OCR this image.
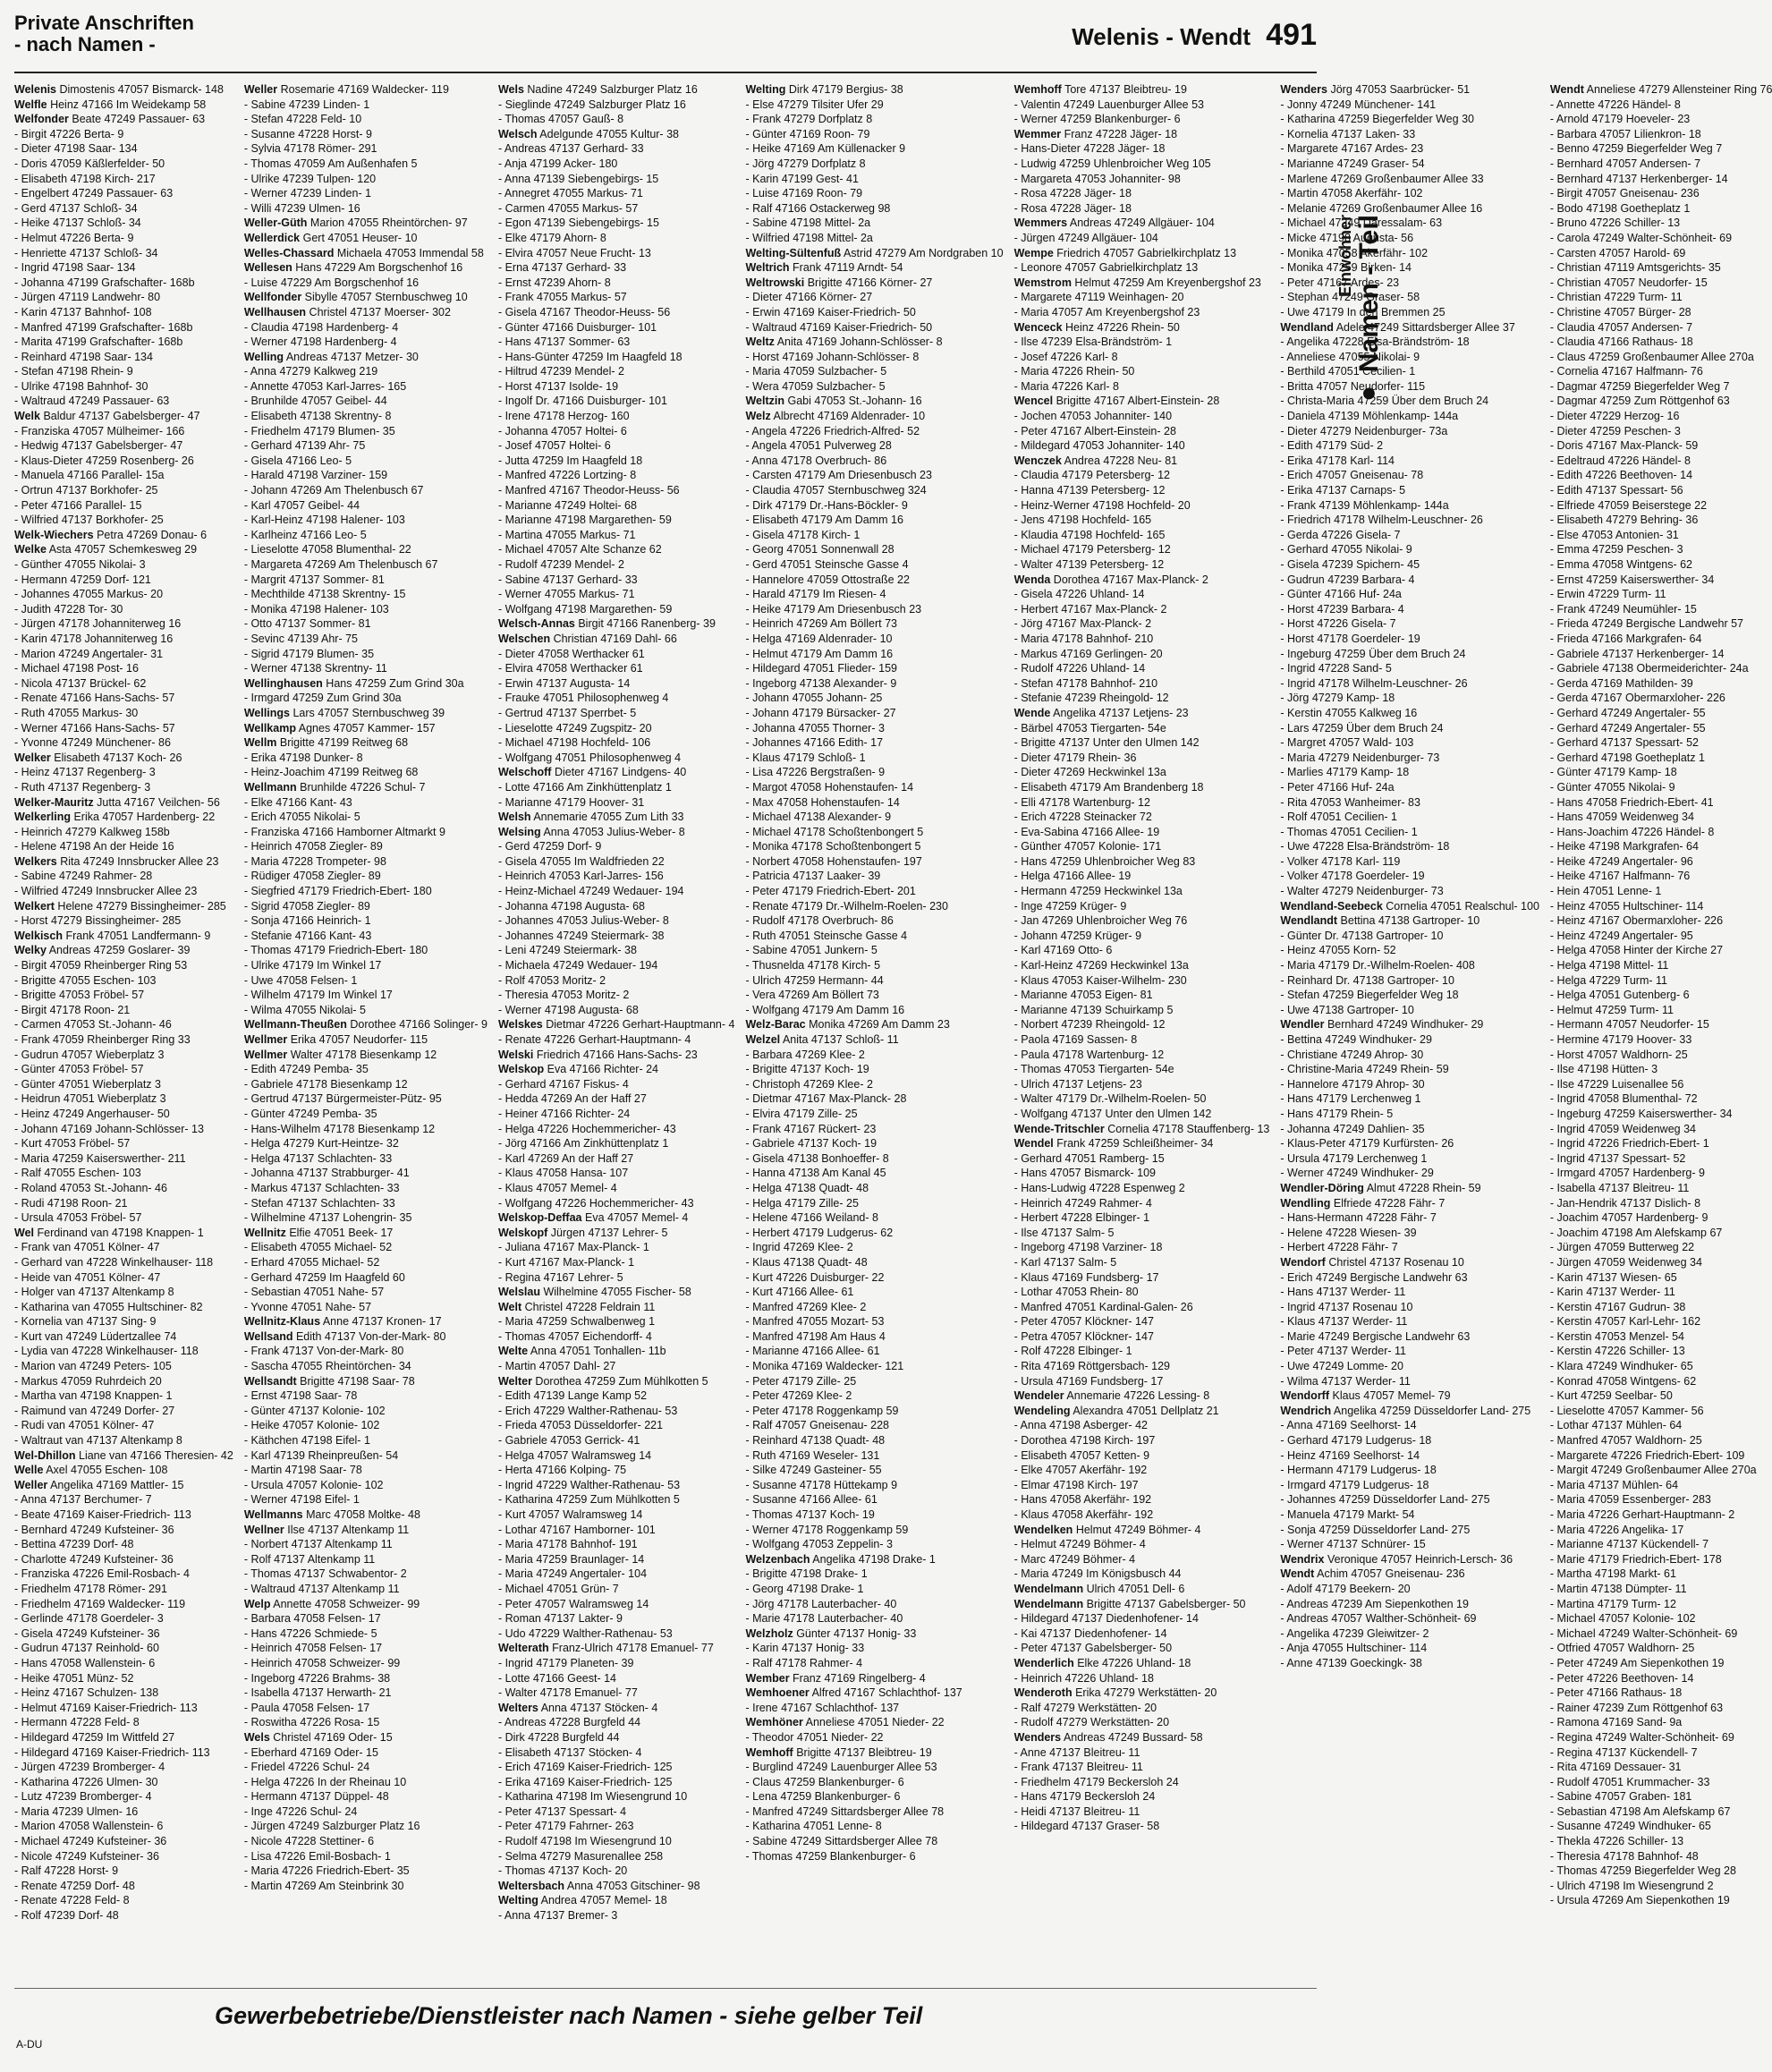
Private Anschriften
- nach Namen -	Welenis - Wendt 491
Einwohner ● Namen - Teil
Welenis Dimostenis 47057 Bismarck- 148
Welfle Heinz 47166 Im Weidekamp 58
Welfonder Beate 47249 Passauer- 63
- Birgit 47226 Berta- 9
- Dieter 47198 Saar- 134
- Doris 47059 Käßlerfelder- 50
- Elisabeth 47198 Kirch- 217
- Engelbert 47249 Passauer- 63
- Gerd 47137 Schloß- 34
- Heike 47137 Schloß- 34
- Helmut 47226 Berta- 9
- Henriette 47137 Schloß- 34
- Ingrid 47198 Saar- 134
- Johanna 47199 Grafschafter- 168b
- Jürgen 47119 Landwehr- 80
- Karin 47137 Bahnhof- 108
- Manfred 47199 Grafschafter- 168b
- Marita 47199 Grafschafter- 168b
- Reinhard 47198 Saar- 134
- Stefan 47198 Rhein- 9
- Ulrike 47198 Bahnhof- 30
- Waltraud 47249 Passauer- 63
Welk Baldur 47137 Gabelsberger- 47
- Franziska 47057 Mülheimer- 166
- Hedwig 47137 Gabelsberger- 47
- Klaus-Dieter 47259 Rosenberg- 26
- Manuela 47166 Parallel- 15a
- Ortrun 47137 Borkhofer- 25
- Peter 47166 Parallel- 15
- Wilfried 47137 Borkhofer- 25
Welk-Wiechers Petra 47269 Donau- 6
Welke Asta 47057 Schemkesweg 29
- Günther 47055 Nikolai- 3
- Hermann 47259 Dorf- 121
- Johannes 47055 Markus- 20
- Judith 47228 Tor- 30
- Jürgen 47178 Johanniterweg 16
- Karin 47178 Johanniterweg 16
- Marion 47249 Angertaler- 31
- Michael 47198 Post- 16
- Nicola 47137 Brückel- 62
- Renate 47166 Hans-Sachs- 57
- Ruth 47055 Markus- 30
- Werner 47166 Hans-Sachs- 57
- Yvonne 47249 Münchener- 86
Welker Elisabeth 47137 Koch- 26
- Heinz 47137 Regenberg- 3
- Ruth 47137 Regenberg- 3
Welker-Mauritz Jutta 47167 Veilchen- 56
Welkerling Erika 47057 Hardenberg- 22
- Heinrich 47279 Kalkweg 158b
- Helene 47198 An der Heide 16
Welkers Rita 47249 Innsbrucker Allee 23
- Sabine 47249 Rahmer- 28
- Wilfried 47249 Innsbrucker Allee 23
Welkert Helene 47279 Bissingheimer- 285
- Horst 47279 Bissingheimer- 285
Welkisch Frank 47051 Landfermann- 9
Welky Andreas 47259 Goslarer- 39
- Birgit 47059 Rheinberger Ring 53
- Brigitte 47055 Eschen- 103
- Brigitte 47053 Fröbel- 57
- Birgit 47178 Roon- 21
- Carmen 47053 St.-Johann- 46
- Frank 47059 Rheinberger Ring 33
- Gudrun 47057 Wieberplatz 3
- Günter 47053 Fröbel- 57
- Günter 47051 Wieberplatz 3
- Heidrun 47051 Wieberplatz 3
- Heinz 47249 Angerhauser- 50
- Johann 47169 Johann-Schlösser- 13
- Kurt 47053 Fröbel- 57
- Maria 47259 Kaiserswerther- 211
- Ralf 47055 Eschen- 103
- Roland 47053 St.-Johann- 46
- Rudi 47198 Roon- 21
- Ursula 47053 Fröbel- 57
Wel Ferdinand van 47198 Knappen- 1
- Frank van 47051 Kölner- 47
- Gerhard van 47228 Winkelhauser- 118
- Heide van 47051 Kölner- 47
- Holger van 47137 Altenkamp 8
- Katharina van 47055 Hultschiner- 82
- Kornelia van 47137 Sing- 9
- Kurt van 47249 Lüdertzallee 74
- Lydia van 47228 Winkelhauser- 118
- Marion van 47249 Peters- 105
- Markus 47059 Ruhrdeich 20
- Martha van 47198 Knappen- 1
- Raimund van 47249 Dorfer- 27
- Rudi van 47051 Kölner- 47
- Waltraut van 47137 Altenkamp 8
Wel-Dhillon Liane van 47166 Theresien- 42
Welle Axel 47055 Eschen- 108
Weller Angelika 47169 Mattler- 15
- Anna 47137 Berchumer- 7
- Beate 47169 Kaiser-Friedrich- 113
- Bernhard 47249 Kufsteiner- 36
- Bettina 47239 Dorf- 48
- Charlotte 47249 Kufsteiner- 36
- Franziska 47226 Emil-Rosbach- 4
- Friedhelm 47178 Römer- 291
- Friedhelm 47169 Waldecker- 119
- Gerlinde 47178 Goerdeler- 3
- Gisela 47249 Kufsteiner- 36
- Gudrun 47137 Reinhold- 60
- Hans 47058 Wallenstein- 6
- Heike 47051 Münz- 52
- Heinz 47167 Schulzen- 138
- Helmut 47169 Kaiser-Friedrich- 113
- Hermann 47228 Feld- 8
- Hildegard 47259 Im Wittfeld 27
- Hildegard 47169 Kaiser-Friedrich- 113
- Jürgen 47239 Bromberger- 4
- Katharina 47226 Ulmen- 30
- Lutz 47239 Bromberger- 4
- Maria 47239 Ulmen- 16
- Marion 47058 Wallenstein- 6
- Michael 47249 Kufsteiner- 36
- Nicole 47249 Kufsteiner- 36
- Ralf 47228 Horst- 9
- Renate 47259 Dorf- 48
- Renate 47228 Feld- 8
- Rolf 47239 Dorf- 48
Weller Rosemarie 47169 Waldecker- 119
- Sabine 47239 Linden- 1
- Stefan 47228 Feld- 10
- Susanne 47228 Horst- 9
- Sylvia 47178 Römer- 291
- Thomas 47059 Am Außenhafen 5
- Ulrike 47239 Tulpen- 120
- Werner 47239 Linden- 1
- Willi 47239 Ulmen- 16
Weller-Güth Marion 47055 Rheintörchen- 97
Wellerdick Gert 47051 Heuser- 10
Welles-Chassard Michaela 47053 Immendal 58
Wellesen Hans 47229 Am Borgschenhof 16
- Luise 47229 Am Borgschenhof 16
Wellfonder Sibylle 47057 Sternbuschweg 10
Wellhausen Christel 47137 Moerser- 302
- Claudia 47198 Hardenberg- 4
- Werner 47198 Hardenberg- 4
Welling Andreas 47137 Metzer- 30
- Anna 47279 Kalkweg 219
- Annette 47053 Karl-Jarres- 165
- Brunhilde 47057 Geibel- 44
- Elisabeth 47138 Skrentny- 8
- Friedhelm 47179 Blumen- 35
- Gerhard 47139 Ahr- 75
- Gisela 47166 Leo- 5
- Harald 47198 Varziner- 159
- Johann 47269 Am Thelenbusch 67
- Karl 47057 Geibel- 44
- Karl-Heinz 47198 Halener- 103
- Karlheinz 47166 Leo- 5
- Lieselotte 47058 Blumenthal- 22
- Margareta 47269 Am Thelenbusch 67
- Margrit 47137 Sommer- 81
- Mechthilde 47138 Skrentny- 15
- Monika 47198 Halener- 103
- Otto 47137 Sommer- 81
- Sevinc 47139 Ahr- 75
- Sigrid 47179 Blumen- 35
- Werner 47138 Skrentny- 11
Wellinghausen Hans 47259 Zum Grind 30a
- Irmgard 47259 Zum Grind 30a
Wellings Lars 47057 Sternbuschweg 39
Wellkamp Agnes 47057 Kammer- 157
Wellm Brigitte 47199 Reitweg 68
- Erika 47198 Dunker- 8
- Heinz-Joachim 47199 Reitweg 68
Wellmann Brunhilde 47226 Schul- 7
- Elke 47166 Kant- 43
- Erich 47055 Nikolai- 5
- Franziska 47166 Hamborner Altmarkt 9
- Heinrich 47058 Ziegler- 89
- Maria 47228 Trompeter- 98
- Rüdiger 47058 Ziegler- 89
- Siegfried 47179 Friedrich-Ebert- 180
- Sigrid 47058 Ziegler- 89
- Sonja 47166 Heinrich- 1
- Stefanie 47166 Kant- 43
- Thomas 47179 Friedrich-Ebert- 180
- Ulrike 47179 Im Winkel 17
- Uwe 47058 Felsen- 1
- Wilhelm 47179 Im Winkel 17
- Wilma 47055 Nikolai- 5
Wellmann-Theußen Dorothee 47166 Solinger- 9
Wellmer Erika 47057 Neudorfer- 115
Wellmer Walter 47178 Biesenkamp 12
- Edith 47249 Pemba- 35
- Gabriele 47178 Biesenkamp 12
- Gertrud 47137 Bürgermeister-Pütz- 95
- Günter 47249 Pemba- 35
- Hans-Wilhelm 47178 Biesenkamp 12
- Helga 47279 Kurt-Heintze- 32
- Helga 47137 Schlachten- 33
- Johanna 47137 Strabburger- 41
- Markus 47137 Schlachten- 33
- Stefan 47137 Schlachten- 33
- Wilhelmine 47137 Lohengrin- 35
Wellnitz Elfie 47051 Beek- 17
- Elisabeth 47055 Michael- 52
- Erhard 47055 Michael- 52
- Gerhard 47259 Im Haagfeld 60
- Sebastian 47051 Nahe- 57
- Yvonne 47051 Nahe- 57
Wellnitz-Klaus Anne 47137 Kronen- 17
Wellsand Edith 47137 Von-der-Mark- 80
- Frank 47137 Von-der-Mark- 80
- Sascha 47055 Rheintörchen- 34
Wellsandt Brigitte 47198 Saar- 78
- Ernst 47198 Saar- 78
- Günter 47137 Kolonie- 102
- Heike 47057 Kolonie- 102
- Käthchen 47198 Eifel- 1
- Karl 47139 Rheinpreußen- 54
- Martin 47198 Saar- 78
- Ursula 47057 Kolonie- 102
- Werner 47198 Eifel- 1
Wellmanns Marc 47058 Moltke- 48
Wellner Ilse 47137 Altenkamp 11
- Norbert 47137 Altenkamp 11
- Rolf 47137 Altenkamp 11
- Thomas 47137 Schwabentor- 2
- Waltraud 47137 Altenkamp 11
Welp Annette 47058 Schweizer- 99
- Barbara 47058 Felsen- 17
- Hans 47226 Schmiede- 5
- Heinrich 47058 Felsen- 17
- Heinrich 47058 Schweizer- 99
- Ingeborg 47226 Brahms- 38
- Isabella 47137 Herwarth- 21
- Paula 47058 Felsen- 17
- Roswitha 47226 Rosa- 15
Wels Christel 47169 Oder- 15
- Eberhard 47169 Oder- 15
- Friedel 47226 Schul- 24
- Helga 47226 In der Rheinau 10
- Hermann 47137 Düppel- 48
- Inge 47226 Schul- 24
- Jürgen 47249 Salzburger Platz 16
- Nicole 47228 Stettiner- 6
- Lisa 47226 Emil-Bosbach- 1
- Maria 47226 Friedrich-Ebert- 35
- Martin 47269 Am Steinbrink 30
Wels Nadine 47249 Salzburger Platz 16
- Sieglinde 47249 Salzburger Platz 16
- Thomas 47057 Gauß- 8
Welsch Adelgunde 47055 Kultur- 38
- Andreas 47137 Gerhard- 33
- Anja 47199 Acker- 180
- Anna 47139 Siebengebirgs- 15
- Annegret 47055 Markus- 71
- Carmen 47055 Markus- 57
- Egon 47139 Siebengebirgs- 15
- Elke 47179 Ahorn- 8
- Elvira 47057 Neue Frucht- 13
- Erna 47137 Gerhard- 33
- Ernst 47239 Ahorn- 8
- Frank 47055 Markus- 57
- Gisela 47167 Theodor-Heuss- 56
- Günter 47166 Duisburger- 101
- Hans 47137 Sommer- 63
- Hans-Günter 47259 Im Haagfeld 18
- Hiltrud 47239 Mendel- 2
- Horst 47137 Isolde- 19
- Ingolf Dr. 47166 Duisburger- 101
- Irene 47178 Herzog- 160
- Johanna 47057 Holtei- 6
- Josef 47057 Holtei- 6
- Jutta 47259 Im Haagfeld 18
- Manfred 47226 Lortzing- 8
- Manfred 47167 Theodor-Heuss- 56
- Marianne 47249 Holtei- 68
- Marianne 47198 Margarethen- 59
- Martina 47055 Markus- 71
- Michael 47057 Alte Schanze 62
- Rudolf 47239 Mendel- 2
- Sabine 47137 Gerhard- 33
- Werner 47055 Markus- 71
- Wolfgang 47198 Margarethen- 59
Welsch-Annas Birgit 47166 Ranenberg- 39
Welschen Christian 47169 Dahl- 66
- Dieter 47058 Werthacker 61
- Elvira 47058 Werthacker 61
- Erwin 47137 Augusta- 14
- Frauke 47051 Philosophenweg 4
- Gertrud 47137 Sperrbet- 5
- Lieselotte 47249 Zugspitz- 20
- Michael 47198 Hochfeld- 106
- Wolfgang 47051 Philosophenweg 4
Welschoff Dieter 47167 Lindgens- 40
- Lotte 47166 Am Zinkhüttenplatz 1
- Marianne 47179 Hoover- 31
Welsh Annemarie 47055 Zum Lith 33
Welsing Anna 47053 Julius-Weber- 8
- Gerd 47259 Dorf- 9
- Gisela 47055 Im Waldfrieden 22
- Heinrich 47053 Karl-Jarres- 156
- Heinz-Michael 47249 Wedauer- 194
- Johanna 47198 Augusta- 68
- Johannes 47053 Julius-Weber- 8
- Johannes 47249 Steiermark- 38
- Leni 47249 Steiermark- 38
- Michaela 47249 Wedauer- 194
- Rolf 47053 Moritz- 2
- Theresia 47053 Moritz- 2
- Werner 47198 Augusta- 68
Welskes Dietmar 47226 Gerhart-Hauptmann- 4
- Renate 47226 Gerhart-Hauptmann- 4
Welski Friedrich 47166 Hans-Sachs- 23
Welskop Eva 47166 Richter- 24
- Gerhard 47167 Fiskus- 4
- Hedda 47269 An der Haff 27
- Heiner 47166 Richter- 24
- Helga 47226 Hochemmericher- 43
- Jörg 47166 Am Zinkhüttenplatz 1
- Karl 47269 An der Haff 27
- Klaus 47058 Hansa- 107
- Klaus 47057 Memel- 4
- Wolfgang 47226 Hochemmericher- 43
Welskop-Deffaa Eva 47057 Memel- 4
Welskopf Jürgen 47137 Lehrer- 5
- Juliana 47167 Max-Planck- 1
- Kurt 47167 Max-Planck- 1
- Regina 47167 Lehrer- 5
Welslau Wilhelmine 47055 Fischer- 58
Welt Christel 47228 Feldrain 11
- Maria 47259 Schwalbenweg 1
- Thomas 47057 Eichendorff- 4
Welte Anna 47051 Tonhallen- 11b
- Martin 47057 Dahl- 27
Welter Dorothea 47259 Zum Mühlkotten 5
- Edith 47139 Lange Kamp 52
- Erich 47229 Walther-Rathenau- 53
- Frieda 47053 Düsseldorfer- 221
- Gabriele 47053 Gerrick- 41
- Helga 47057 Walramsweg 14
- Herta 47166 Kolping- 75
- Ingrid 47229 Walther-Rathenau- 53
- Katharina 47259 Zum Mühlkotten 5
- Kurt 47057 Walramsweg 14
- Lothar 47167 Hamborner- 101
- Maria 47178 Bahnhof- 191
- Maria 47259 Braunlager- 14
- Maria 47249 Angertaler- 104
- Michael 47051 Grün- 7
- Peter 47057 Walramsweg 14
- Roman 47137 Lakter- 9
- Udo 47229 Walther-Rathenau- 53
Welterath Franz-Ulrich 47178 Emanuel- 77
- Ingrid 47179 Planeten- 39
- Lotte 47166 Geest- 14
- Walter 47178 Emanuel- 77
Welters Anna 47137 Stöcken- 4
- Andreas 47228 Burgfeld 44
- Dirk 47228 Burgfeld 44
- Elisabeth 47137 Stöcken- 4
- Erich 47169 Kaiser-Friedrich- 125
- Erika 47169 Kaiser-Friedrich- 125
- Katharina 47198 Im Wiesengrund 10
- Peter 47137 Spessart- 4
- Peter 47179 Fahrner- 263
- Rudolf 47198 Im Wiesengrund 10
- Selma 47279 Masurenallee 258
- Thomas 47137 Koch- 20
Weltersbach Anna 47053 Gitschiner- 98
Welting Andrea 47057 Memel- 18
- Anna 47137 Bremer- 3
Welting Dirk 47179 Bergius- 38
- Else 47279 Tilsiter Ufer 29
- Frank 47279 Dorfplatz 8
- Günter 47169 Roon- 79
- Heike 47169 Am Küllenacker 9
- Jörg 47279 Dorfplatz 8
- Karin 47199 Gest- 41
- Luise 47169 Roon- 79
- Ralf 47166 Ostackerweg 98
- Sabine 47198 Mittel- 2a
- Wilfried 47198 Mittel- 2a
Welting-Sültenfuß Astrid 47279 Am Nordgraben 10
Weltrich Frank 47119 Arndt- 54
Weltrowski Brigitte 47166 Körner- 27
- Dieter 47166 Körner- 27
- Erwin 47169 Kaiser-Friedrich- 50
- Waltraud 47169 Kaiser-Friedrich- 50
Weltz Anita 47169 Johann-Schlösser- 8
- Horst 47169 Johann-Schlösser- 8
- Maria 47059 Sulzbacher- 5
- Wera 47059 Sulzbacher- 5
Weltzin Gabi 47053 St.-Johann- 16
Welz Albrecht 47169 Aldenrader- 10
- Angela 47226 Friedrich-Alfred- 52
- Angela 47051 Pulverweg 28
- Anna 47178 Overbruch- 86
- Carsten 47179 Am Driesenbusch 23
- Claudia 47057 Sternbuschweg 324
- Dirk 47179 Dr.-Hans-Böckler- 9
- Elisabeth 47179 Am Damm 16
- Gisela 47178 Kirch- 1
- Georg 47051 Sonnenwall 28
- Gerd 47051 Steinsche Gasse 4
- Hannelore 47059 Ottostraße 22
- Harald 47179 Im Riesen- 4
- Heike 47179 Am Driesenbusch 23
- Heinrich 47269 Am Böllert 73
- Helga 47169 Aldenrader- 10
- Helmut 47179 Am Damm 16
- Hildegard 47051 Flieder- 159
- Ingeborg 47138 Alexander- 9
- Johann 47055 Johann- 25
- Johann 47179 Bürsacker- 27
- Johanna 47055 Thorner- 3
- Johannes 47166 Edith- 17
- Klaus 47179 Schloß- 1
- Lisa 47226 Bergstraßen- 9
- Margot 47058 Hohenstaufen- 14
- Max 47058 Hohenstaufen- 14
- Michael 47138 Alexander- 9
- Michael 47178 Schoßtenbongert 5
- Monika 47178 Schoßtenbongert 5
- Norbert 47058 Hohenstaufen- 197
- Patricia 47137 Laaker- 39
- Peter 47179 Friedrich-Ebert- 201
- Renate 47179 Dr.-Wilhelm-Roelen- 230
- Rudolf 47178 Overbruch- 86
- Ruth 47051 Steinsche Gasse 4
- Sabine 47051 Junkern- 5
- Thusnelda 47178 Kirch- 5
- Ulrich 47259 Hermann- 44
- Vera 47269 Am Böllert 73
- Wolfgang 47179 Am Damm 16
Welz-Barac Monika 47269 Am Damm 23
Welzel Anita 47137 Schloß- 11
- Barbara 47269 Klee- 2
- Brigitte 47137 Koch- 19
- Christoph 47269 Klee- 2
- Dietmar 47167 Max-Planck- 28
- Elvira 47179 Zille- 25
- Frank 47167 Rückert- 23
- Gabriele 47137 Koch- 19
- Gisela 47138 Bonhoeffer- 8
- Hanna 47138 Am Kanal 45
- Helga 47138 Quadt- 48
- Helga 47179 Zille- 25
- Helene 47166 Weiland- 8
- Herbert 47179 Ludgerus- 62
- Ingrid 47269 Klee- 2
- Klaus 47138 Quadt- 48
- Kurt 47226 Duisburger- 22
- Kurt 47166 Allee- 61
- Manfred 47269 Klee- 2
- Manfred 47055 Mozart- 53
- Manfred 47198 Am Haus 4
- Marianne 47166 Allee- 61
- Monika 47169 Waldecker- 121
- Peter 47179 Zille- 25
- Peter 47269 Klee- 2
- Peter 47178 Roggenkamp 59
- Ralf 47057 Gneisenau- 228
- Reinhard 47138 Quadt- 48
- Ruth 47169 Weseler- 131
- Silke 47249 Gasteiner- 55
- Susanne 47178 Hüttekamp 9
- Susanne 47166 Allee- 61
- Thomas 47137 Koch- 19
- Werner 47178 Roggenkamp 59
- Wolfgang 47053 Zeppelin- 3
Welzenbach Angelika 47198 Drake- 1
- Brigitte 47198 Drake- 1
- Georg 47198 Drake- 1
- Jörg 47178 Lauterbacher- 40
- Marie 47178 Lauterbacher- 40
Welzholz Günter 47137 Honig- 33
- Karin 47137 Honig- 33
- Ralf 47178 Rahmer- 4
Wember Franz 47169 Ringelberg- 4
Wemhoener Alfred 47167 Schlachthof- 137
- Irene 47167 Schlachthof- 137
Wemhöner Anneliese 47051 Nieder- 22
- Theodor 47051 Nieder- 22
Wemhoff Brigitte 47137 Bleibtreu- 19
- Burglind 47249 Lauenburger Allee 53
- Claus 47259 Blankenburger- 6
- Lena 47259 Blankenburger- 6
- Manfred 47249 Sittardsberger Allee 78
- Katharina 47051 Lenne- 8
- Sabine 47249 Sittardsberger Allee 78
- Thomas 47259 Blankenburger- 6
Wemhoff Tore 47137 Bleibtreu- 19
- Valentin 47249 Lauenburger Allee 53
- Werner 47259 Blankenburger- 6
Wemmer Franz 47228 Jäger- 18
- Hans-Dieter 47228 Jäger- 18
- Ludwig 47259 Uhlenbroicher Weg 105
- Margareta 47053 Johanniter- 98
- Rosa 47228 Jäger- 18
- Rosa 47228 Jäger- 18
Wemmers Andreas 47249 Allgäuer- 104
- Jürgen 47249 Allgäuer- 104
Wempe Friedrich 47057 Gabrielkirchplatz 13
- Leonore 47057 Gabrielkirchplatz 13
Wemstrom Helmut 47259 Am Kreyenbergshof 23
- Margarete 47119 Weinhagen- 20
- Maria 47057 Am Kreyenbergshof 23
Wenceck Heinz 47226 Rhein- 50
- Ilse 47239 Elsa-Brändström- 1
- Josef 47226 Karl- 8
- Maria 47226 Rhein- 50
- Maria 47226 Karl- 8
Wencel Brigitte 47167 Albert-Einstein- 28
- Jochen 47053 Johanniter- 140
- Peter 47167 Albert-Einstein- 28
- Mildegard 47053 Johanniter- 140
Wenczek Andrea 47228 Neu- 81
- Claudia 47179 Petersberg- 12
- Hanna 47139 Petersberg- 12
- Heinz-Werner 47198 Hochfeld- 20
- Jens 47198 Hochfeld- 165
- Klaudia 47198 Hochfeld- 165
- Michael 47179 Petersberg- 12
- Walter 47139 Petersberg- 12
Wenda Dorothea 47167 Max-Planck- 2
- Gisela 47226 Uhland- 14
- Herbert 47167 Max-Planck- 2
- Jörg 47167 Max-Planck- 2
- Maria 47178 Bahnhof- 210
- Markus 47169 Gerlingen- 20
- Rudolf 47226 Uhland- 14
- Stefan 47178 Bahnhof- 210
- Stefanie 47239 Rheingold- 12
Wende Angelika 47137 Letjens- 23
- Bärbel 47053 Tiergarten- 54e
- Brigitte 47137 Unter den Ulmen 142
- Dieter 47179 Rhein- 36
- Dieter 47269 Heckwinkel 13a
- Elisabeth 47179 Am Brandenberg 18
- Elli 47178 Wartenburg- 12
- Erich 47228 Steinacker 72
- Eva-Sabina 47166 Allee- 19
- Günther 47057 Kolonie- 171
- Hans 47259 Uhlenbroicher Weg 83
- Helga 47166 Allee- 19
- Hermann 47259 Heckwinkel 13a
- Inge 47259 Krüger- 9
- Jan 47269 Uhlenbroicher Weg 76
- Johann 47259 Krüger- 9
- Karl 47169 Otto- 6
- Karl-Heinz 47269 Heckwinkel 13a
- Klaus 47053 Kaiser-Wilhelm- 230
- Marianne 47053 Eigen- 81
- Marianne 47139 Schuirkamp 5
- Norbert 47239 Rheingold- 12
- Paola 47169 Sassen- 8
- Paula 47178 Wartenburg- 12
- Thomas 47053 Tiergarten- 54e
- Ulrich 47137 Letjens- 23
- Walter 47179 Dr.-Wilhelm-Roelen- 50
- Wolfgang 47137 Unter den Ulmen 142
Wende-Tritschler Cornelia 47178 Stauffenberg- 13
Wendel Frank 47259 Schleißheimer- 34
- Gerhard 47051 Ramberg- 15
- Hans 47057 Bismarck- 109
- Hans-Ludwig 47228 Espenweg 2
- Heinrich 47249 Rahmer- 4
- Herbert 47228 Elbinger- 1
- Ilse 47137 Salm- 5
- Ingeborg 47198 Varziner- 18
- Karl 47137 Salm- 5
- Klaus 47169 Fundsberg- 17
- Lothar 47053 Rhein- 80
- Manfred 47051 Kardinal-Galen- 26
- Peter 47057 Klöckner- 147
- Petra 47057 Klöckner- 147
- Rolf 47228 Elbinger- 1
- Rita 47169 Röttgersbach- 129
- Ursula 47169 Fundsberg- 17
Wendeler Annemarie 47226 Lessing- 8
Wendeling Alexandra 47051 Dellplatz 21
- Anna 47198 Asberger- 42
- Dorothea 47198 Kirch- 197
- Elisabeth 47057 Ketten- 9
- Elke 47057 Akerfähr- 192
- Elmar 47198 Kirch- 197
- Hans 47058 Akerfähr- 192
- Klaus 47058 Akerfähr- 192
Wendelken Helmut 47249 Böhmer- 4
- Helmut 47249 Böhmer- 4
- Marc 47249 Böhmer- 4
- Maria 47249 Im Königsbusch 44
Wendelmann Ulrich 47051 Dell- 6
Wendelmann Brigitte 47137 Gabelsberger- 50
- Hildegard 47137 Diedenhofener- 14
- Kai 47137 Diedenhofener- 14
- Peter 47137 Gabelsberger- 50
Wenderlich Elke 47226 Uhland- 18
- Heinrich 47226 Uhland- 18
Wenderoth Erika 47279 Werkstätten- 20
- Ralf 47279 Werkstätten- 20
- Rudolf 47279 Werkstätten- 20
Wenders Andreas 47249 Bussard- 58
- Anne 47137 Bleitreu- 11
- Frank 47137 Bleitreu- 11
- Friedhelm 47179 Beckersloh 24
- Hans 47179 Beckersloh 24
- Heidi 47137 Bleitreu- 11
- Hildegard 47137 Graser- 58
Wenders Jörg 47053 Saarbrücker- 51
- Jonny 47249 Münchener- 141
- Katharina 47259 Biegerfelder Weg 30
- Kornelia 47137 Laken- 33
- Margarete 47167 Ardes- 23
- Marianne 47249 Graser- 54
- Marlene 47269 Großenbaumer Allee 33
- Martin 47058 Akerfähr- 102
- Melanie 47269 Großenbaumer Allee 16
- Michael 47249 Daressalam- 63
- Micke 47198 Augusta- 56
- Monika 47058 Akerfähr- 102
- Monika 47259 Birken- 14
- Peter 47167 Ardes- 23
- Stephan 47249 Graser- 58
- Uwe 47179 In den Bremmen 25
Wendland Adele 47249 Sittardsberger Allee 37
- Angelika 47228 Elsa-Brändström- 18
- Anneliese 47055 Nikolai- 9
- Berthild 47051 Cecilien- 1
- Britta 47057 Neudorfer- 115
- Christa-Maria 47259 Über dem Bruch 24
- Daniela 47139 Möhlenkamp- 144a
- Dieter 47279 Neidenburger- 73a
- Edith 47179 Süd- 2
- Erika 47178 Karl- 114
- Erich 47057 Gneisenau- 78
- Erika 47137 Carnaps- 5
- Frank 47139 Möhlenkamp- 144a
- Friedrich 47178 Wilhelm-Leuschner- 26
- Gerda 47226 Gisela- 7
- Gerhard 47055 Nikolai- 9
- Gisela 47239 Spichern- 45
- Gudrun 47239 Barbara- 4
- Günter 47166 Huf- 24a
- Horst 47239 Barbara- 4
- Horst 47226 Gisela- 7
- Horst 47178 Goerdeler- 19
- Ingeburg 47259 Über dem Bruch 24
- Ingrid 47228 Sand- 5
- Ingrid 47178 Wilhelm-Leuschner- 26
- Jörg 47279 Kamp- 18
- Kerstin 47055 Kalkweg 16
- Lars 47259 Über dem Bruch 24
- Margret 47057 Wald- 103
- Maria 47279 Neidenburger- 73
- Marlies 47179 Kamp- 18
- Peter 47166 Huf- 24a
- Rita 47053 Wanheimer- 83
- Rolf 47051 Cecilien- 1
- Thomas 47051 Cecilien- 1
- Uwe 47228 Elsa-Brändström- 18
- Volker 47178 Karl- 119
- Volker 47178 Goerdeler- 19
- Walter 47279 Neidenburger- 73
Wendland-Seebeck Cornelia 47051 Realschul- 100
Wendlandt Bettina 47138 Gartroper- 10
- Günter Dr. 47138 Gartroper- 10
- Heinz 47055 Korn- 52
- Maria 47179 Dr.-Wilhelm-Roelen- 408
- Reinhard Dr. 47138 Gartroper- 10
- Stefan 47259 Biegerfelder Weg 18
- Uwe 47138 Gartroper- 10
Wendler Bernhard 47249 Windhuker- 29
- Bettina 47249 Windhuker- 29
- Christiane 47249 Ahrop- 30
- Christine-Maria 47249 Rhein- 59
- Hannelore 47179 Ahrop- 30
- Hans 47179 Lerchenweg 1
- Hans 47179 Rhein- 5
- Johanna 47249 Dahlien- 35
- Klaus-Peter 47179 Kurfürsten- 26
- Ursula 47179 Lerchenweg 1
- Werner 47249 Windhuker- 29
Wendler-Döring Almut 47228 Rhein- 59
Wendling Elfriede 47228 Fähr- 7
- Hans-Hermann 47228 Fähr- 7
- Helene 47228 Wiesen- 39
- Herbert 47228 Fähr- 7
Wendorf Christel 47137 Rosenau 10
- Erich 47249 Bergische Landwehr 63
- Hans 47137 Werder- 11
- Ingrid 47137 Rosenau 10
- Klaus 47137 Werder- 11
- Marie 47249 Bergische Landwehr 63
- Peter 47137 Werder- 11
- Uwe 47249 Lomme- 20
- Wilma 47137 Werder- 11
Wendorff Klaus 47057 Memel- 79
Wendrich Angelika 47259 Düsseldorfer Land- 275
- Anna 47169 Seelhorst- 14
- Gerhard 47179 Ludgerus- 18
- Heinz 47169 Seelhorst- 14
- Hermann 47179 Ludgerus- 18
- Irmgard 47179 Ludgerus- 18
- Johannes 47259 Düsseldorfer Land- 275
- Manuela 47179 Markt- 54
- Sonja 47259 Düsseldorfer Land- 275
- Werner 47137 Schnürer- 15
Wendrix Veronique 47057 Heinrich-Lersch- 36
Wendt Achim 47057 Gneisenau- 236
- Adolf 47179 Beekern- 20
- Andreas 47239 Am Siepenkothen 19
- Andreas 47057 Walther-Schönheit- 69
- Angelika 47239 Gleiwitzer- 2
- Anja 47055 Hultschiner- 114
- Anne 47139 Goeckingk- 38
Wendt Anneliese 47279 Allensteiner Ring 76
- Annette 47226 Händel- 8
- Arnold 47179 Hoeveler- 23
- Barbara 47057 Lilienkron- 18
- Benno 47259 Biegerfelder Weg 7
- Bernhard 47057 Andersen- 7
- Bernhard 47137 Herkenberger- 14
- Birgit 47057 Gneisenau- 236
- Bodo 47198 Goetheplatz 1
- Bruno 47226 Schiller- 13
- Carola 47249 Walter-Schönheit- 69
- Carsten 47057 Harold- 69
- Christian 47119 Amtsgerichts- 35
- Christian 47057 Neudorfer- 15
- Christian 47229 Turm- 11
- Christine 47057 Bürger- 28
- Claudia 47057 Andersen- 7
- Claudia 47166 Rathaus- 18
- Claus 47259 Großenbaumer Allee 270a
- Cornelia 47167 Halfmann- 76
- Dagmar 47259 Biegerfelder Weg 7
- Dagmar 47259 Zum Röttgenhof 63
- Dieter 47229 Herzog- 16
- Dieter 47259 Peschen- 3
- Doris 47167 Max-Planck- 59
- Edeltraud 47226 Händel- 8
- Edith 47226 Beethoven- 14
- Edith 47137 Spessart- 56
- Elfriede 47059 Beiserstege 22
- Elisabeth 47279 Behring- 36
- Else 47053 Antonien- 31
- Emma 47259 Peschen- 3
- Emma 47058 Wintgens- 62
- Ernst 47259 Kaiserswerther- 34
- Erwin 47229 Turm- 11
- Frank 47249 Neumühler- 15
- Frieda 47249 Bergische Landwehr 57
- Frieda 47166 Markgrafen- 64
- Gabriele 47137 Herkenberger- 14
- Gabriele 47138 Obermeiderichter- 24a
- Gerda 47169 Mathilden- 39
- Gerda 47167 Obermarxloher- 226
- Gerhard 47249 Angertaler- 55
- Gerhard 47249 Angertaler- 55
- Gerhard 47137 Spessart- 52
- Gerhard 47198 Goetheplatz 1
- Günter 47179 Kamp- 18
- Günter 47055 Nikolai- 9
- Hans 47058 Friedrich-Ebert- 41
- Hans 47059 Weidenweg 34
- Hans-Joachim 47226 Händel- 8
- Heike 47198 Markgrafen- 64
- Heike 47249 Angertaler- 96
- Heike 47167 Halfmann- 76
- Hein 47051 Lenne- 1
- Heinz 47055 Hultschiner- 114
- Heinz 47167 Obermarxloher- 226
- Heinz 47249 Angertaler- 95
- Helga 47058 Hinter der Kirche 27
- Helga 47198 Mittel- 11
- Helga 47229 Turm- 11
- Helga 47051 Gutenberg- 6
- Helmut 47259 Turm- 11
- Hermann 47057 Neudorfer- 15
- Hermine 47179 Hoover- 33
- Horst 47057 Waldhorn- 25
- Ilse 47198 Hütten- 3
- Ilse 47229 Luisenallee 56
- Ingrid 47058 Blumenthal- 72
- Ingeburg 47259 Kaiserswerther- 34
- Ingrid 47059 Weidenweg 34
- Ingrid 47226 Friedrich-Ebert- 1
- Ingrid 47137 Spessart- 52
- Irmgard 47057 Hardenberg- 9
- Isabella 47137 Bleitreu- 11
- Jan-Hendrik 47137 Dislich- 8
- Joachim 47057 Hardenberg- 9
- Joachim 47198 Am Alefskamp 67
- Jürgen 47059 Butterweg 22
- Jürgen 47059 Weidenweg 34
- Karin 47137 Wiesen- 65
- Karin 47137 Werder- 11
- Kerstin 47167 Gudrun- 38
- Kerstin 47057 Karl-Lehr- 162
- Kerstin 47053 Menzel- 54
- Kerstin 47226 Schiller- 13
- Klara 47249 Windhuker- 65
- Konrad 47058 Wintgens- 62
- Kurt 47259 Seelbar- 50
- Lieselotte 47057 Kammer- 56
- Lothar 47137 Mühlen- 64
- Manfred 47057 Waldhorn- 25
- Margarete 47226 Friedrich-Ebert- 109
- Margit 47249 Großenbaumer Allee 270a
- Maria 47137 Mühlen- 64
- Maria 47059 Essenberger- 283
- Maria 47226 Gerhart-Hauptmann- 2
- Maria 47226 Angelika- 17
- Marianne 47137 Kückendell- 7
- Marie 47179 Friedrich-Ebert- 178
- Martha 47198 Markt- 61
- Martin 47138 Dümpter- 11
- Martina 47179 Turm- 12
- Michael 47057 Kolonie- 102
- Michael 47249 Walter-Schönheit- 69
- Otfried 47057 Waldhorn- 25
- Peter 47249 Am Siepenkothen 19
- Peter 47226 Beethoven- 14
- Peter 47166 Rathaus- 18
- Rainer 47239 Zum Röttgenhof 63
- Ramona 47169 Sand- 9a
- Regina 47249 Walter-Schönheit- 69
- Regina 47137 Kückendell- 7
- Rita 47169 Dessauer- 31
- Rudolf 47051 Krummacher- 33
- Sabine 47057 Graben- 181
- Sebastian 47198 Am Alefskamp 67
- Susanne 47249 Windhuker- 65
- Thekla 47226 Schiller- 13
- Theresia 47178 Bahnhof- 48
- Thomas 47259 Biegerfelder Weg 28
- Ulrich 47198 Im Wiesengrund 2
- Ursula 47269 Am Siepenkothen 19
Gewerbebetriebe/Dienstleister nach Namen - siehe gelber Teil
A-DU
